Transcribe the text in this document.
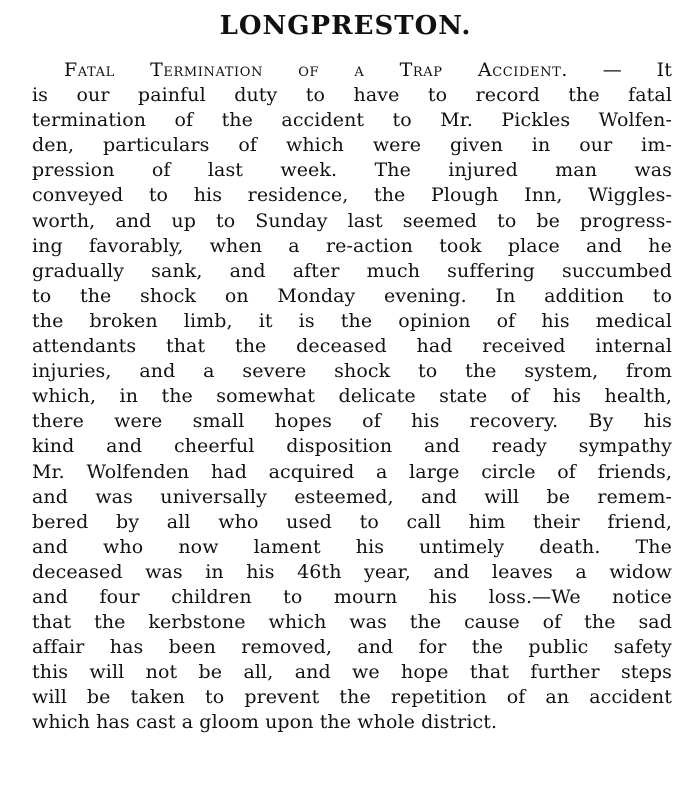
LONGPRESTON.
Fatal Termination of a Trap Accident. — It
is our painful duty to have to record the fatal
termination of the accident to Mr. Pickles Wolfen-
den, particulars of which were given in our im-
pression of last week. The injured man was
conveyed to his residence, the Plough Inn, Wiggles-
worth, and up to Sunday last seemed to be progress-
ing favorably, when a re-action took place and he
gradually sank, and after much suffering succumbed
to the shock on Monday evening. In addition to
the broken limb, it is the opinion of his medical
attendants that the deceased had received internal
injuries, and a severe shock to the system, from
which, in the somewhat delicate state of his health,
there were small hopes of his recovery. By his
kind and cheerful disposition and ready sympathy
Mr. Wolfenden had acquired a large circle of friends,
and was universally esteemed, and will be remem-
bered by all who used to call him their friend,
and who now lament his untimely death. The
deceased was in his 46th year, and leaves a widow
and four children to mourn his loss.—We notice
that the kerbstone which was the cause of the sad
affair has been removed, and for the public safety
this will not be all, and we hope that further steps
will be taken to prevent the repetition of an accident
which has cast a gloom upon the whole district.
